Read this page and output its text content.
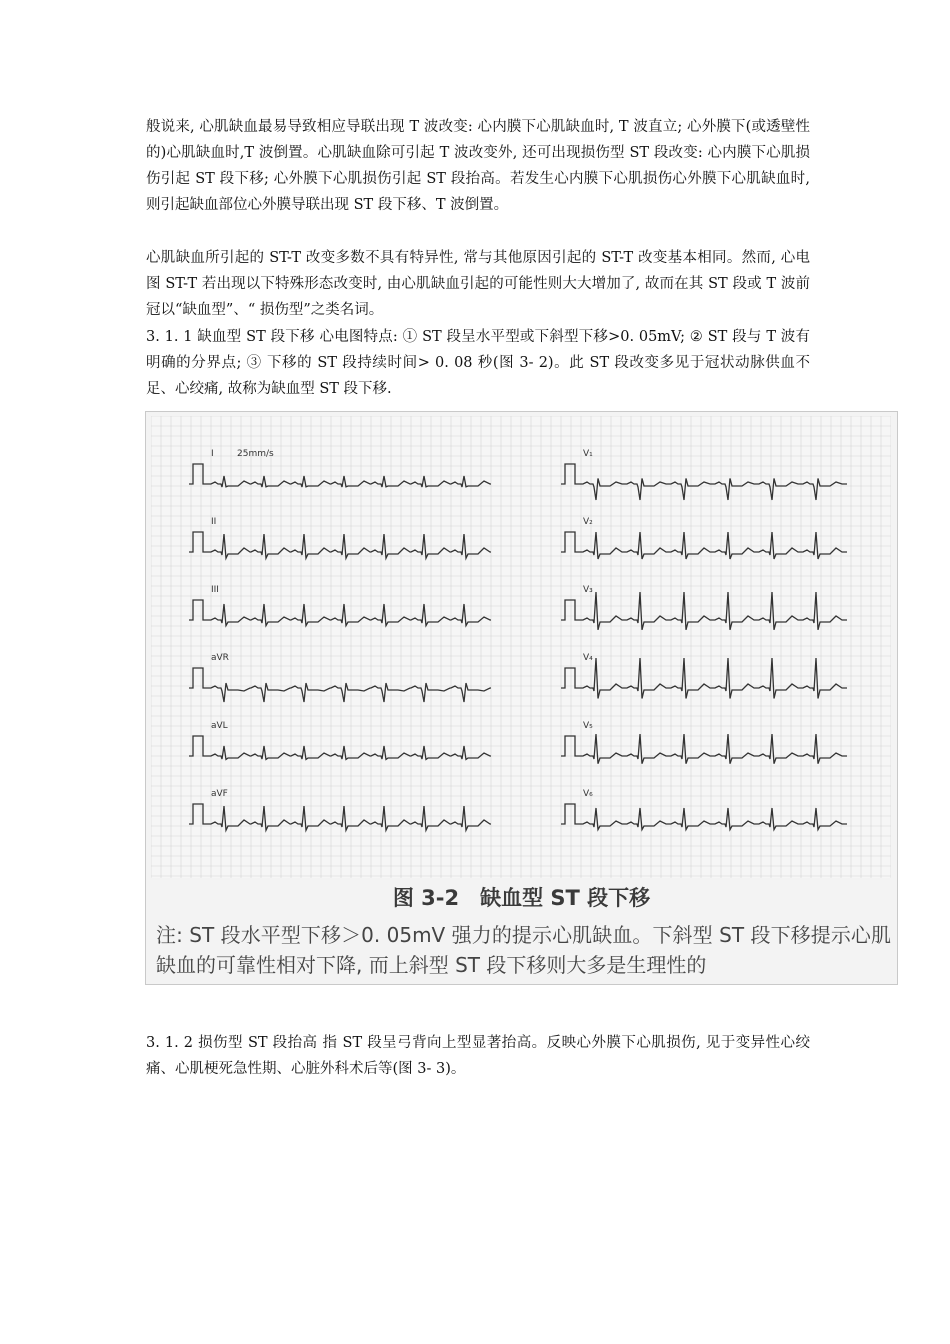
般说来, 心肌缺血最易导致相应导联出现 T 波改变: 心内膜下心肌缺血时, T 波直立; 心外膜下(或透壁性的)心肌缺血时,T 波倒置。心肌缺血除可引起 T 波改变外, 还可出现损伤型 ST 段改变: 心内膜下心肌损伤引起 ST 段下移; 心外膜下心肌损伤引起 ST 段抬高。若发生心内膜下心肌损伤心外膜下心肌缺血时, 则引起缺血部位心外膜导联出现 ST 段下移、T 波倒置。

心肌缺血所引起的 ST-T 改变多数不具有特异性, 常与其他原因引起的 ST-T 改变基本相同。然而, 心电图 ST-T 若出现以下特殊形态改变时, 由心肌缺血引起的可能性则大大增加了, 故而在其 ST 段或 T 波前冠以“缺血型”、“ 损伤型”之类名词。

3. 1. 1 缺血型 ST 段下移 心电图特点: ① ST 段呈水平型或下斜型下移>0. 05mV; ② ST 段与 T 波有明确的分界点; ③ 下移的 ST 段持续时间> 0. 08 秒(图 3- 2)。此 ST 段改变多见于冠状动脉供血不足、心绞痛, 故称为缺血型 ST 段下移.

25mm/s
I
II
III
aVR
aVL
aVF
V₁
V₂
V₃
V₄
V₅
V₆
图 3-2　缺血型 ST 段下移
注: ST 段水平型下移＞0. 05mV 强力的提示心肌缺血。下斜型 ST 段下移提示心肌缺血的可靠性相对下降, 而上斜型 ST 段下移则大多是生理性的

3. 1. 2 损伤型 ST 段抬高 指 ST 段呈弓背向上型显著抬高。反映心外膜下心肌损伤, 见于变异性心绞痛、心肌梗死急性期、心脏外科术后等(图 3- 3)。
